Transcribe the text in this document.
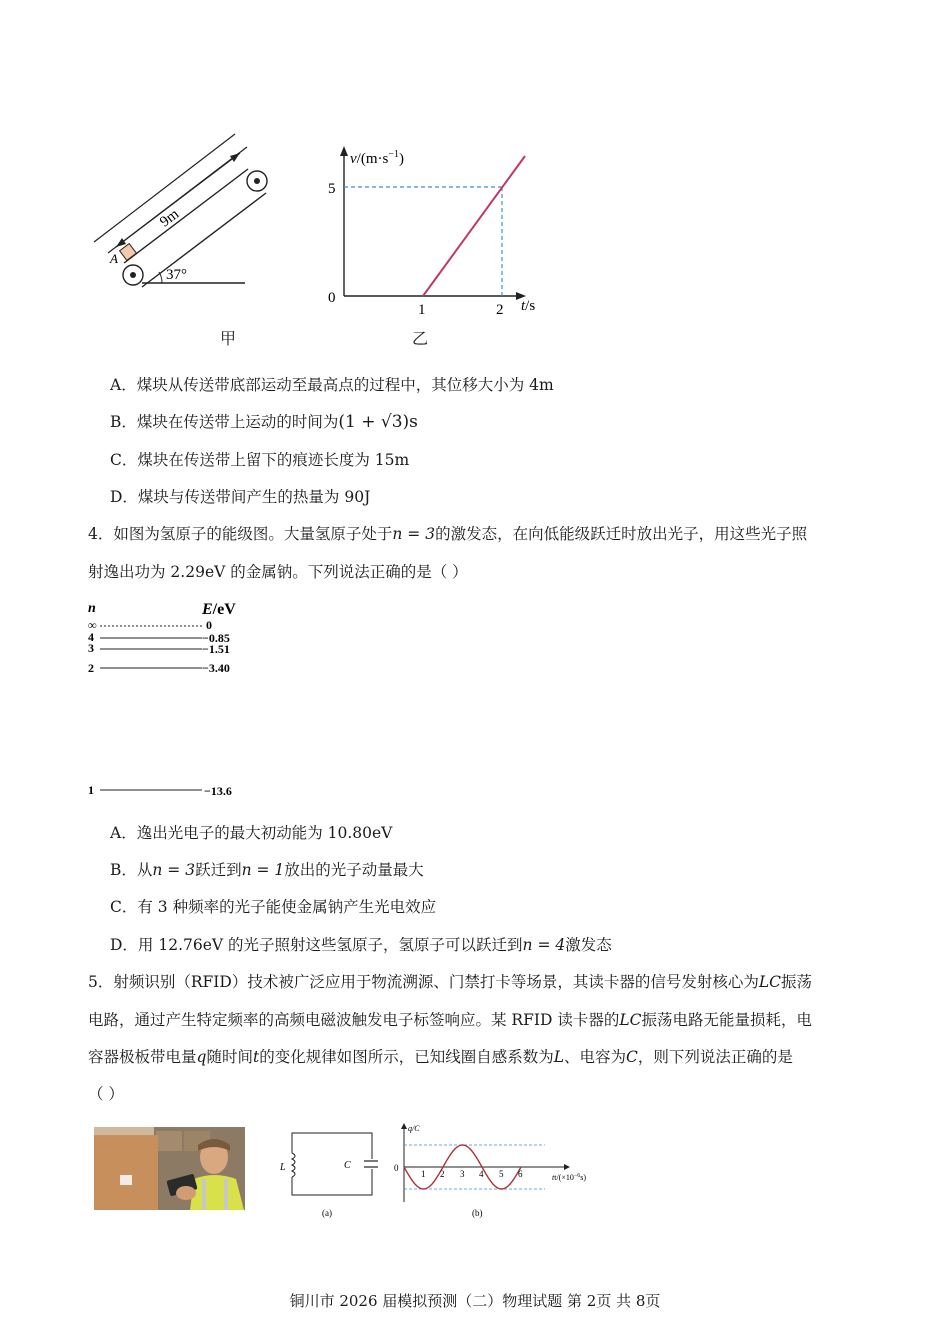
9m
A
37°
甲
$v/(m\cdot s^{-1})$
5
0
1	2 t/s
乙
A．煤块从传送带底部运动至最高点的过程中，其位移大小为 4m
B．煤块在传送带上运动的时间为(1 + √3)s
C．煤块在传送带上留下的痕迹长度为 15m
D．煤块与传送带间产生的热量为 90J
4．如图为氢原子的能级图。大量氢原子处于n = 3的激发态，在向低能级跃迁时放出光子，用这些光子照
射逸出功为 2.29eV 的金属钠。下列说法正确的是（ ）
n	E/eV
∞	0
4	−0.85
3	−1.51
2	−3.40
1	−13.6
A．逸出光电子的最大初动能为 10.80eV
B．从n = 3跃迁到n = 1放出的光子动量最大
C．有 3 种频率的光子能使金属钠产生光电效应
D．用 12.76eV 的光子照射这些氢原子，氢原子可以跃迁到n = 4激发态
5．射频识别（RFID）技术被广泛应用于物流溯源、门禁打卡等场景，其读卡器的信号发射核心为LC振荡
电路，通过产生特定频率的高频电磁波触发电子标签响应。某 RFID 读卡器的LC振荡电路无能量损耗，电
容器极板带电量q随时间t的变化规律如图所示，已知线圈自感系数为L、电容为C，则下列说法正确的是
（ ）
L	C
(a)
q/C
0
1 2 3 4 5 6	$tt/(\times 10^{-6}s)$
(b)
铜川市 2026 届模拟预测（二）物理试题 第 2页 共 8页
